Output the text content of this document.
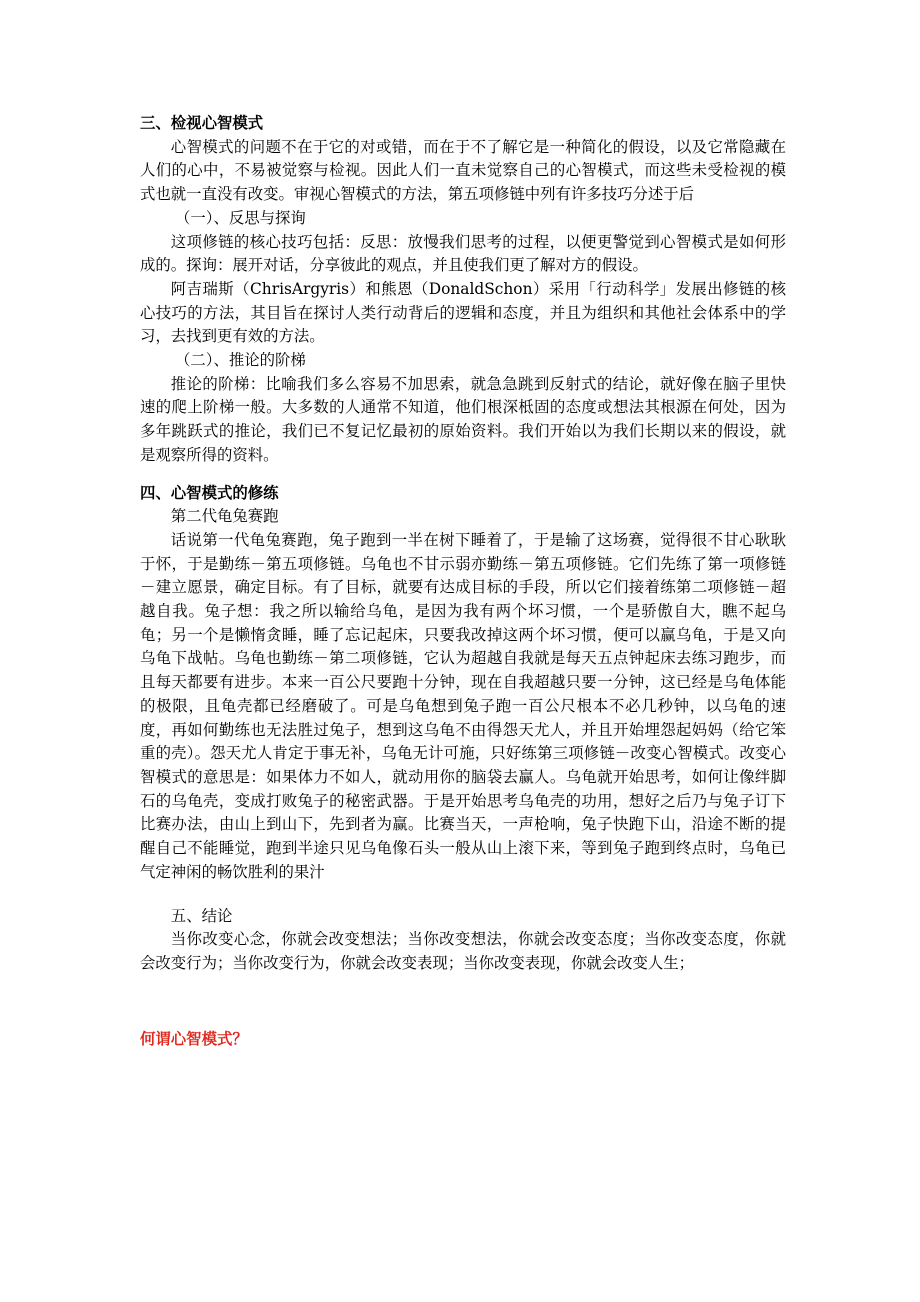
三、检视心智模式

心智模式的问题不在于它的对或错，而在于不了解它是一种简化的假设，以及它常隐藏在人们的心中，不易被觉察与检视。因此人们一直未觉察自己的心智模式，而这些未受检视的模式也就一直没有改变。审视心智模式的方法，第五项修链中列有许多技巧分述于后

（一）、反思与探询

这项修链的核心技巧包括：反思：放慢我们思考的过程，以便更警觉到心智模式是如何形成的。探询：展开对话，分享彼此的观点，并且使我们更了解对方的假设。

阿吉瑞斯（ChrisArgyris）和熊恩（DonaldSchon）采用「行动科学」发展出修链的核心技巧的方法，其目旨在探讨人类行动背后的逻辑和态度，并且为组织和其他社会体系中的学习，去找到更有效的方法。

（二）、推论的阶梯

推论的阶梯：比喻我们多么容易不加思索，就急急跳到反射式的结论，就好像在脑子里快速的爬上阶梯一般。大多数的人通常不知道，他们根深柢固的态度或想法其根源在何处，因为多年跳跃式的推论，我们已不复记忆最初的原始资料。我们开始以为我们长期以来的假设，就是观察所得的资料。

四、心智模式的修练

第二代龟兔赛跑

话说第一代龟兔赛跑，兔子跑到一半在树下睡着了，于是输了这场赛，觉得很不甘心耿耿于怀，于是勤练－第五项修链。乌龟也不甘示弱亦勤练－第五项修链。它们先练了第一项修链－建立愿景，确定目标。有了目标，就要有达成目标的手段，所以它们接着练第二项修链－超越自我。兔子想：我之所以输给乌龟，是因为我有两个坏习惯，一个是骄傲自大，瞧不起乌龟；另一个是懒惰贪睡，睡了忘记起床，只要我改掉这两个坏习惯，便可以赢乌龟，于是又向乌龟下战帖。乌龟也勤练－第二项修链，它认为超越自我就是每天五点钟起床去练习跑步，而且每天都要有进步。本来一百公尺要跑十分钟，现在自我超越只要一分钟，这已经是乌龟体能的极限，且龟壳都已经磨破了。可是乌龟想到兔子跑一百公尺根本不必几秒钟，以乌龟的速度，再如何勤练也无法胜过兔子，想到这乌龟不由得怨天尤人，并且开始埋怨起妈妈（给它笨重的壳）。怨天尤人肯定于事无补，乌龟无计可施，只好练第三项修链－改变心智模式。改变心智模式的意思是：如果体力不如人，就动用你的脑袋去赢人。乌龟就开始思考，如何让像绊脚石的乌龟壳，变成打败兔子的秘密武器。于是开始思考乌龟壳的功用，想好之后乃与兔子订下比赛办法，由山上到山下，先到者为赢。比赛当天，一声枪响，兔子快跑下山，沿途不断的提醒自己不能睡觉，跑到半途只见乌龟像石头一般从山上滚下来，等到兔子跑到终点时，乌龟已气定神闲的畅饮胜利的果汁

五、结论

当你改变心念，你就会改变想法；当你改变想法，你就会改变态度；当你改变态度，你就会改变行为；当你改变行为，你就会改变表现；当你改变表现，你就会改变人生；

何谓心智模式？
